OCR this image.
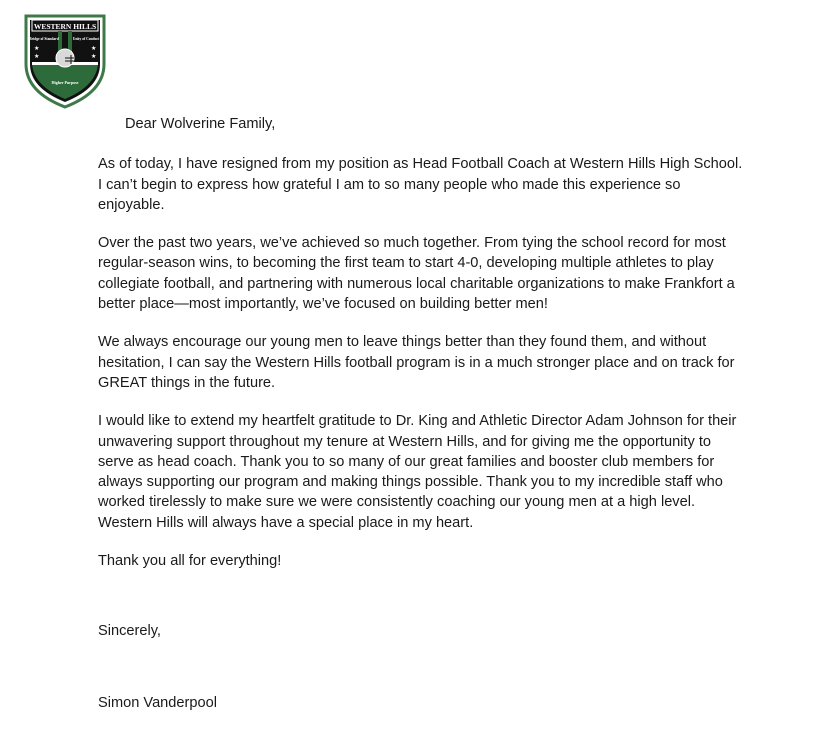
★	★
★	★
WESTERN HILLS
Bridge of Standard	Unity of Conduct
Higher Purpose
Dear Wolverine Family,

As of today, I have resigned from my position as Head Football Coach at Western Hills High School. I can’t begin to express how grateful I am to so many people who made this experience so enjoyable.

Over the past two years, we’ve achieved so much together. From tying the school record for most regular-season wins, to becoming the first team to start 4-0, developing multiple athletes to play collegiate football, and partnering with numerous local charitable organizations to make Frankfort a better place—most importantly, we’ve focused on building better men!

We always encourage our young men to leave things better than they found them, and without hesitation, I can say the Western Hills football program is in a much stronger place and on track for GREAT things in the future.

I would like to extend my heartfelt gratitude to Dr. King and Athletic Director Adam Johnson for their unwavering support throughout my tenure at Western Hills, and for giving me the opportunity to serve as head coach. Thank you to so many of our great families and booster club members for always supporting our program and making things possible. Thank you to my incredible staff who worked tirelessly to make sure we were consistently coaching our young men at a high level. Western Hills will always have a special place in my heart.

Thank you all for everything!

Sincerely,

Simon Vanderpool
